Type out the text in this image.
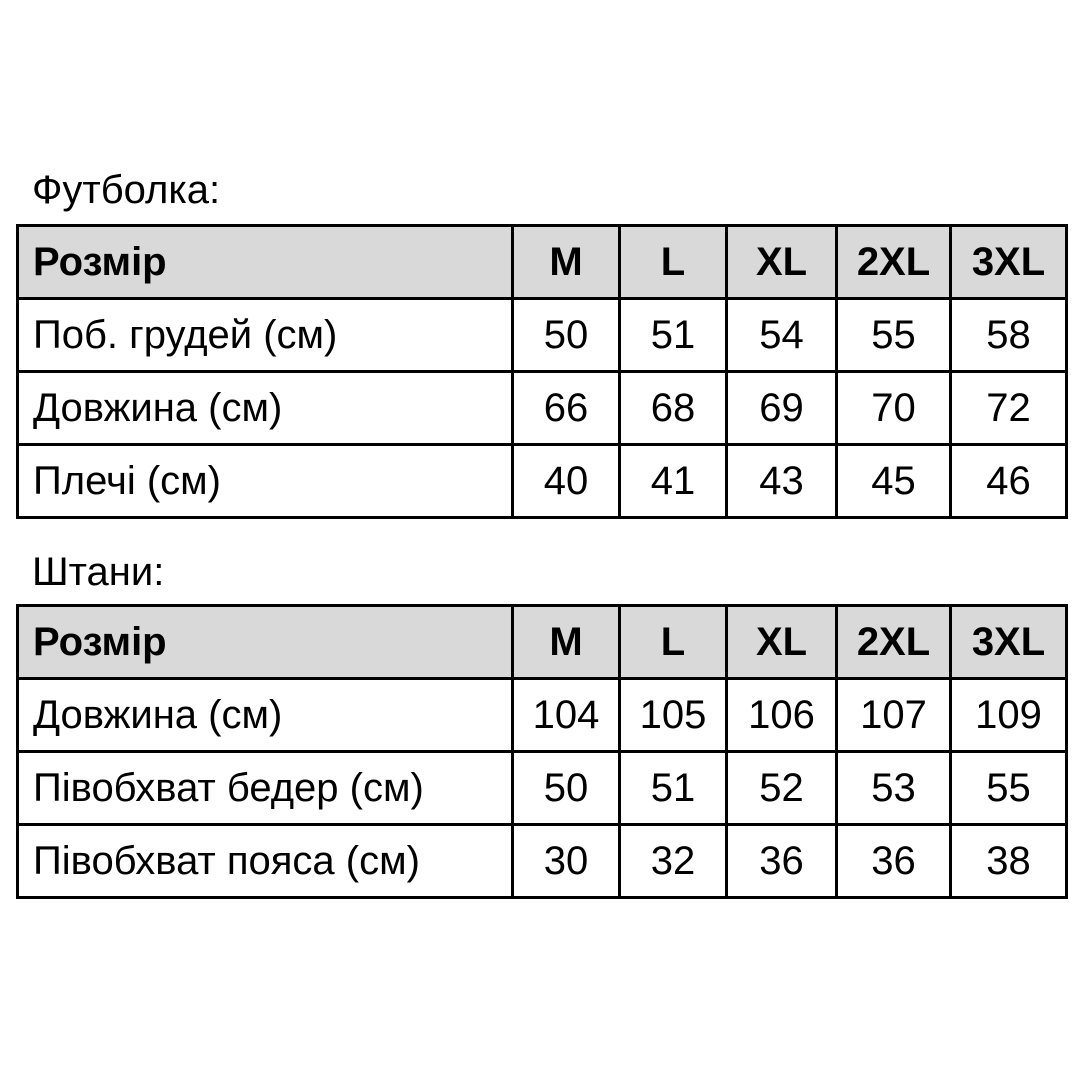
Футболка:
Розмір	M	L	XL	2XL	3XL
Поб. грудей (см)	50	51	54	55	58
Довжина (см)	66	68	69	70	72
Плечі (см)	40	41	43	45	46
Штани:
Розмір	M	L	XL	2XL	3XL
Довжина (см)	104	105	106	107	109
Півобхват бедер (см)	50	51	52	53	55
Півобхват пояса (см)	30	32	36	36	38
